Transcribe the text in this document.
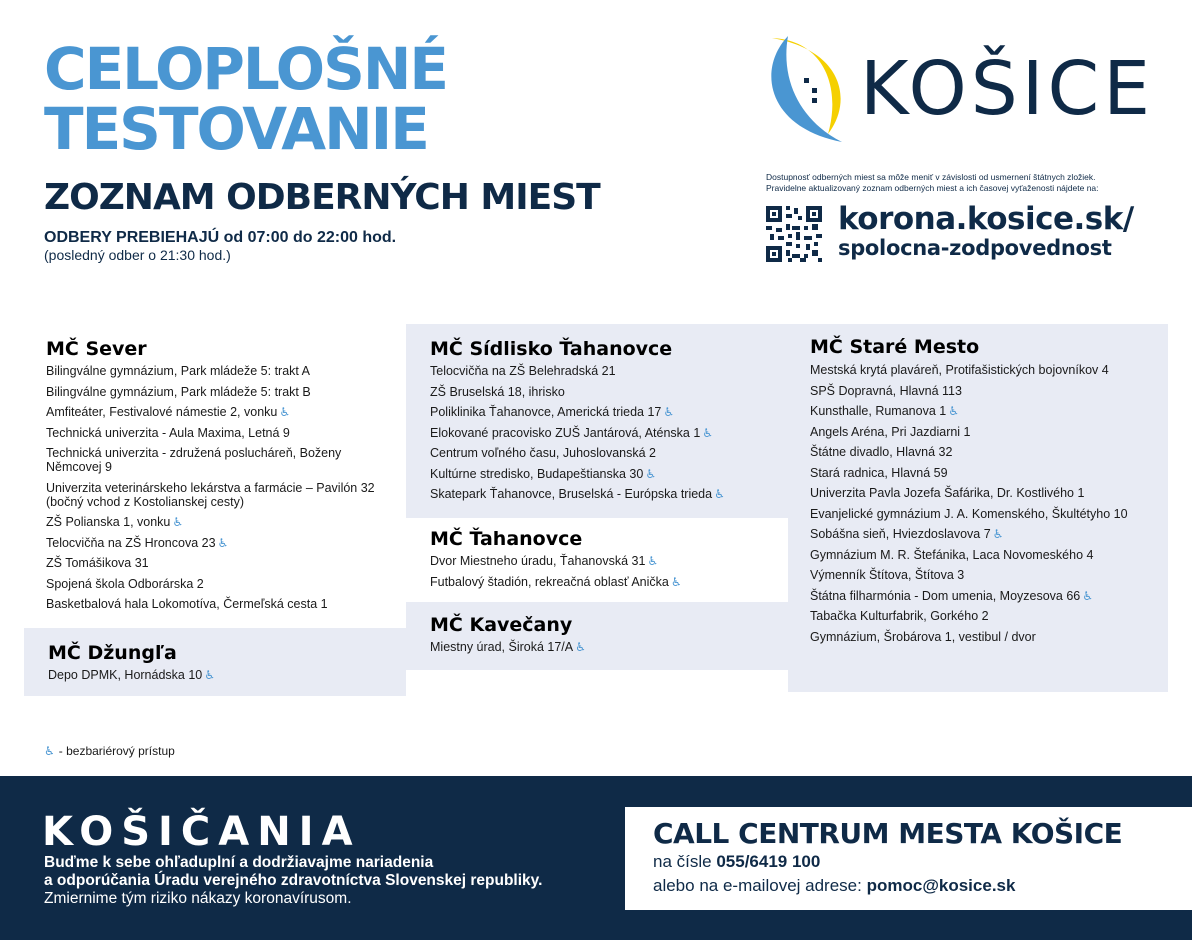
CELOPLOŠNÉ
TESTOVANIE
ZOZNAM ODBERNÝCH MIEST
ODBERY PREBIEHAJÚ od 07:00 do 22:00 hod.
(posledný odber o 21:30 hod.)
KOŠICE
Dostupnosť odberných miest sa môže meniť v závislosti od usmernení štátnych zložiek.
Pravidelne aktualizovaný zoznam odberných miest a ich časovej vyťaženosti nájdete na:
korona.kosice.sk/
spolocna-zodpovednost
MČ Sever
Bilingválne gymnázium, Park mládeže 5: trakt A
Bilingválne gymnázium, Park mládeže 5: trakt B
Amfiteáter, Festivalové námestie 2, vonku ♿
Technická univerzita - Aula Maxima, Letná 9
Technická univerzita - združená poslucháreň, Boženy Němcovej 9
Univerzita veterinárskeho lekárstva a farmácie – Pavilón 32 (bočný vchod z Kostolianskej cesty)
ZŠ Polianska 1, vonku ♿
Telocvičňa na ZŠ Hroncova 23 ♿
ZŠ Tomášikova 31
Spojená škola Odborárska 2
Basketbalová hala Lokomotíva, Čermeľská cesta 1
MČ Džungľa
Depo DPMK, Hornádska 10 ♿
MČ Sídlisko Ťahanovce
Telocvičňa na ZŠ Belehradská 21
ZŠ Bruselská 18, ihrisko
Poliklinika Ťahanovce, Americká trieda 17 ♿
Elokované pracovisko ZUŠ Jantárová, Aténska 1 ♿
Centrum voľného času, Juhoslovanská 2
Kultúrne stredisko, Budapeštianska 30 ♿
Skatepark Ťahanovce, Bruselská - Európska trieda ♿
MČ Ťahanovce
Dvor Miestneho úradu, Ťahanovská 31 ♿
Futbalový štadión, rekreačná oblasť Anička ♿
MČ Kavečany
Miestny úrad, Široká 17/A ♿
MČ Staré Mesto
Mestská krytá plaváreň, Protifašistických bojovníkov 4
SPŠ Dopravná, Hlavná 113
Kunsthalle, Rumanova 1 ♿
Angels Aréna, Pri Jazdiarni 1
Štátne divadlo, Hlavná 32
Stará radnica, Hlavná 59
Univerzita Pavla Jozefa Šafárika, Dr. Kostlivého 1
Evanjelické gymnázium J. A. Komenského, Škultétyho 10
Sobášna sieň, Hviezdoslavova 7 ♿
Gymnázium M. R. Štefánika, Laca Novomeského 4
Výmenník Štítova, Štítova 3
Štátna filharmónia - Dom umenia, Moyzesova 66 ♿
Tabačka Kulturfabrik, Gorkého 2
Gymnázium, Šrobárova 1, vestibul / dvor
♿ - bezbariérový prístup
KOŠIČANIA
Buďme k sebe ohľaduplní a dodržiavajme nariadenia
a odporúčania Úradu verejného zdravotníctva Slovenskej republiky.
Zmiernime tým riziko nákazy koronavírusom.
CALL CENTRUM MESTA KOŠICE
na čísle 055/6419 100
alebo na e-mailovej adrese: pomoc@kosice.sk
